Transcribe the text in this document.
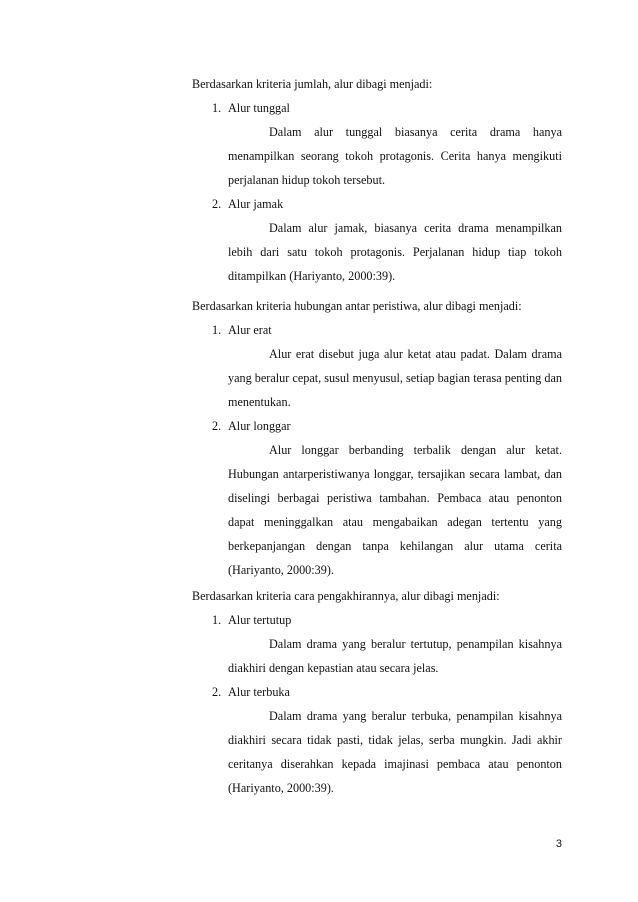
Berdasarkan kriteria jumlah, alur dibagi menjadi:
1. Alur tunggal

Dalam alur tunggal biasanya cerita drama hanya menampilkan seorang tokoh protagonis. Cerita hanya mengikuti perjalanan hidup tokoh tersebut.

2. Alur jamak

Dalam alur jamak, biasanya cerita drama menampilkan lebih dari satu tokoh protagonis. Perjalanan hidup tiap tokoh ditampilkan (Hariyanto, 2000:39).

Berdasarkan kriteria hubungan antar peristiwa, alur dibagi menjadi:
1. Alur erat

Alur erat disebut juga alur ketat atau padat. Dalam drama yang beralur cepat, susul menyusul, setiap bagian terasa penting dan menentukan.

2. Alur longgar

Alur longgar berbanding terbalik dengan alur ketat. Hubungan antarperistiwanya longgar, tersajikan secara lambat, dan diselingi berbagai peristiwa tambahan. Pembaca atau penonton dapat meninggalkan atau mengabaikan adegan tertentu yang berkepanjangan dengan tanpa kehilangan alur utama cerita (Hariyanto, 2000:39).

Berdasarkan kriteria cara pengakhirannya, alur dibagi menjadi:
1. Alur tertutup

Dalam drama yang beralur tertutup, penampilan kisahnya diakhiri dengan kepastian atau secara jelas.

2. Alur terbuka

Dalam drama yang beralur terbuka, penampilan kisahnya diakhiri secara tidak pasti, tidak jelas, serba mungkin. Jadi akhir ceritanya diserahkan kepada imajinasi pembaca atau penonton (Hariyanto, 2000:39).

3
